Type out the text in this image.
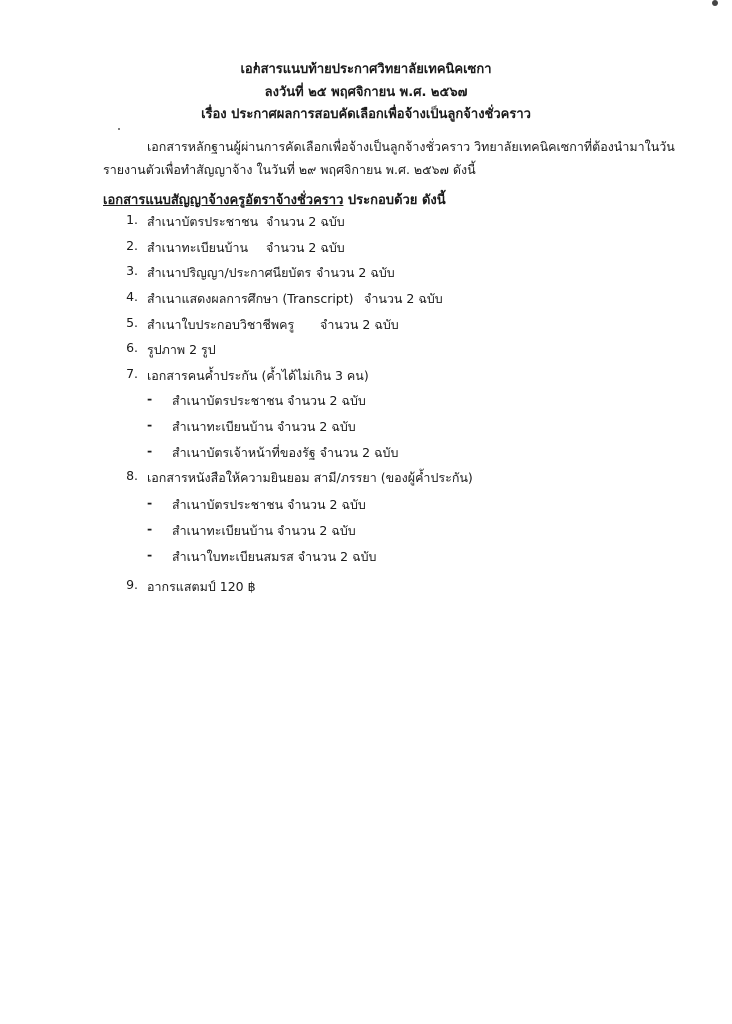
เอกสารแนบท้ายประกาศวิทยาลัยเทคนิคเซกา
ลงวันที่ ๒๕ พฤศจิกายน พ.ศ. ๒๕๖๗
เรื่อง ประกาศผลการสอบคัดเลือกเพื่อจ้างเป็นลูกจ้างชั่วคราว
เอกสารหลักฐานผู้ผ่านการคัดเลือกเพื่อจ้างเป็นลูกจ้างชั่วคราว วิทยาลัยเทคนิคเซกาที่ต้องนำมาในวัน
รายงานตัวเพื่อทำสัญญาจ้าง ในวันที่ ๒๙ พฤศจิกายน พ.ศ. ๒๕๖๗ ดังนี้
เอกสารแนบสัญญาจ้างครูอัตราจ้างชั่วคราว ประกอบด้วย ดังนี้
1. สำเนาบัตรประชาชน จำนวน 2 ฉบับ
2. สำเนาทะเบียนบ้าน จำนวน 2 ฉบับ
3. สำเนาปริญญา/ประกาศนียบัตร จำนวน 2 ฉบับ
4. สำเนาแสดงผลการศึกษา (Transcript) จำนวน 2 ฉบับ
5. สำเนาใบประกอบวิชาชีพครู จำนวน 2 ฉบับ
6. รูปภาพ 2 รูป
7. เอกสารคนค้ำประกัน (ค้ำได้ไม่เกิน 3 คน)
- สำเนาบัตรประชาชน จำนวน 2 ฉบับ
- สำเนาทะเบียนบ้าน จำนวน 2 ฉบับ
- สำเนาบัตรเจ้าหน้าที่ของรัฐ จำนวน 2 ฉบับ
8. เอกสารหนังสือให้ความยินยอม สามี/ภรรยา (ของผู้ค้ำประกัน)
- สำเนาบัตรประชาชน จำนวน 2 ฉบับ
- สำเนาทะเบียนบ้าน จำนวน 2 ฉบับ
- สำเนาใบทะเบียนสมรส จำนวน 2 ฉบับ
9. อากรแสตมป์ 120 ฿
